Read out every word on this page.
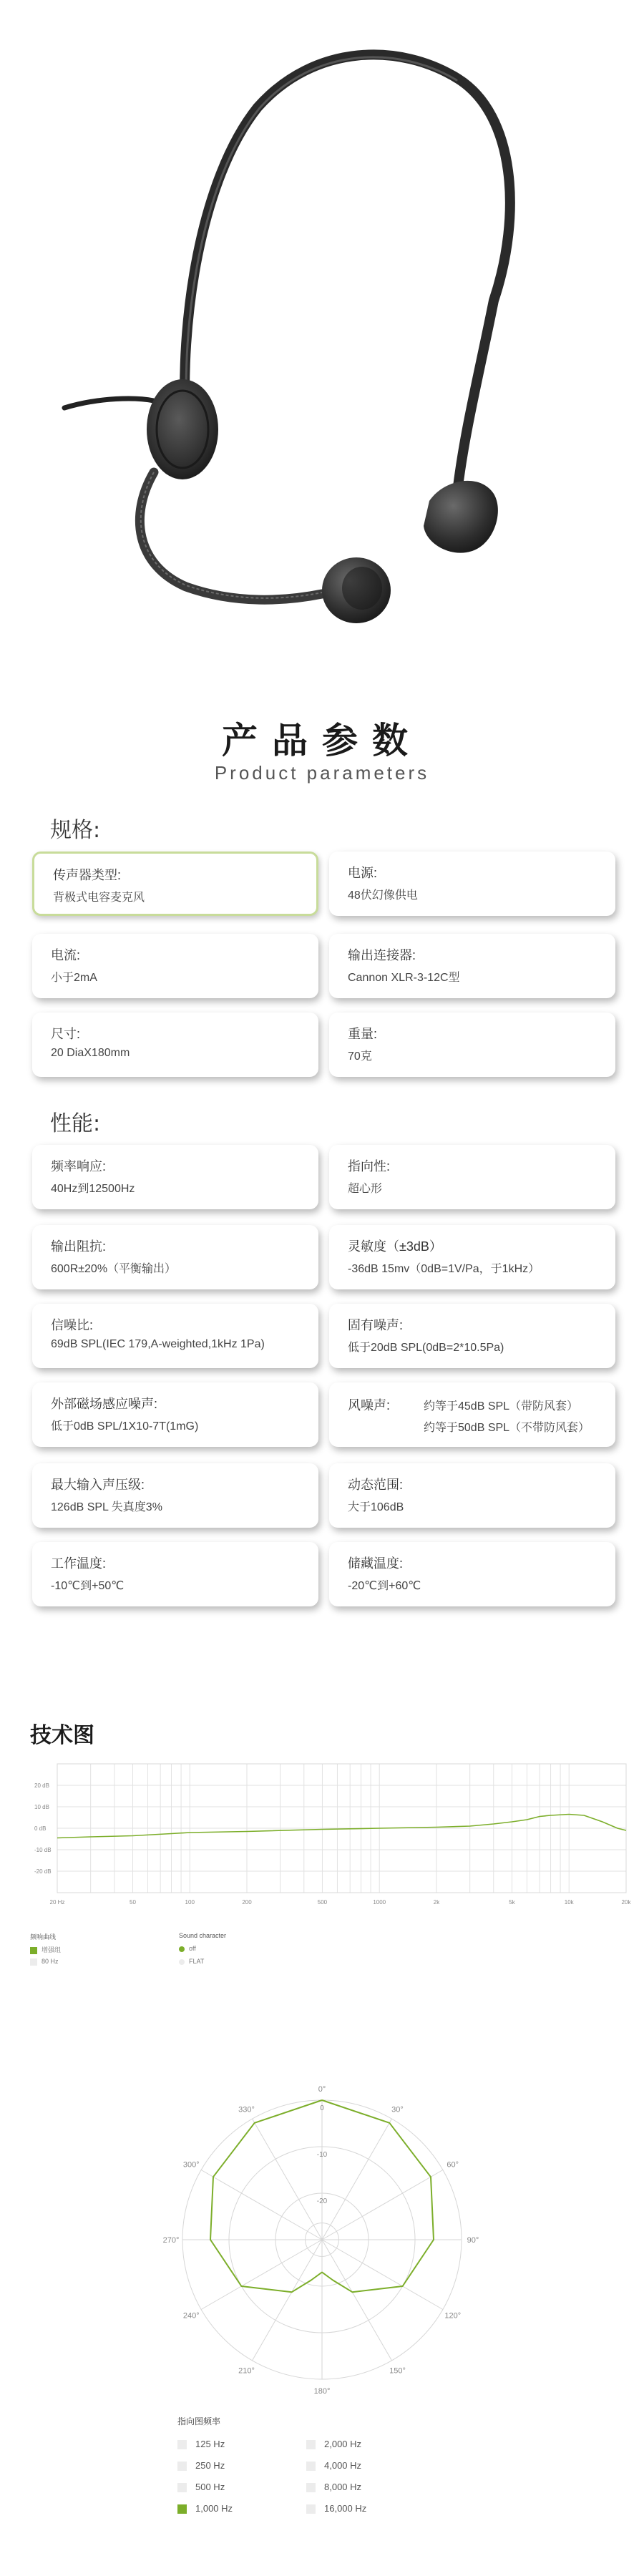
产品参数
Product parameters
规格:
传声器类型:
背极式电容麦克风
电源:
48伏幻像供电
电流:
小于2mA
输出连接器:
Cannon XLR-3-12C型
尺寸:
20 DiaX180mm
重量:
70克
性能:
频率响应:
40Hz到12500Hz
指向性:
超心形
输出阻抗:
600R±20%（平衡输出）
灵敏度（±3dB）
-36dB 15mv（0dB=1V/Pa，于1kHz）
信噪比:
69dB SPL(IEC 179,A-weighted,1kHz 1Pa)
固有噪声:
低于20dB SPL(0dB=2*10.5Pa)
外部磁场感应噪声:
低于0dB SPL/1X10-7T(1mG)
风噪声:	约等于45dB SPL（带防风套）
约等于50dB SPL（不带防风套）
最大输入声压级:
126dB SPL 失真度3%
动态范围:
大于106dB
工作温度:
-10℃到+50℃
储藏温度:
-20℃到+60℃
技术图
20 dB
10 dB
0 dB
-10 dB
-20 dB
20 Hz	50	100	200	500	1000	2k	5k	10k	20k
频响曲线
增强组
80 Hz
Sound character
off
FLAT
0°
30°
60°
90°
120°
150°
180°
210°
240°
270°
300°
330°	0
-10
-20
指向图频率
125 Hz	2,000 Hz
250 Hz	4,000 Hz
500 Hz	8,000 Hz
1,000 Hz	16,000 Hz
